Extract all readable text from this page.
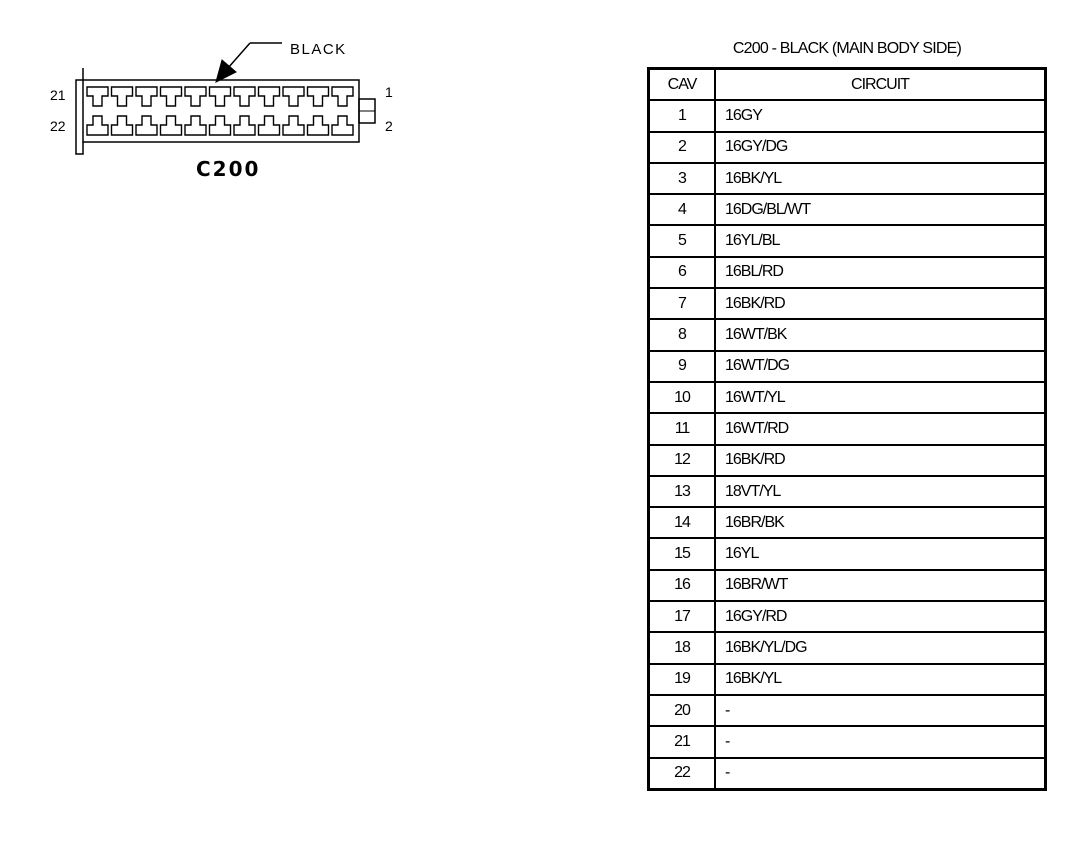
BLACK
21
22
1
2
C200
C200 - BLACK (MAIN BODY SIDE)
CAV	CIRCUIT
1	16GY
2	16GY/DG
3	16BK/YL
4	16DG/BL/WT
5	16YL/BL
6	16BL/RD
7	16BK/RD
8	16WT/BK
9	16WT/DG
10	16WT/YL
11	16WT/RD
12	16BK/RD
13	18VT/YL
14	16BR/BK
15	16YL
16	16BR/WT
17	16GY/RD
18	16BK/YL/DG
19	16BK/YL
20	-
21	-
22	-
